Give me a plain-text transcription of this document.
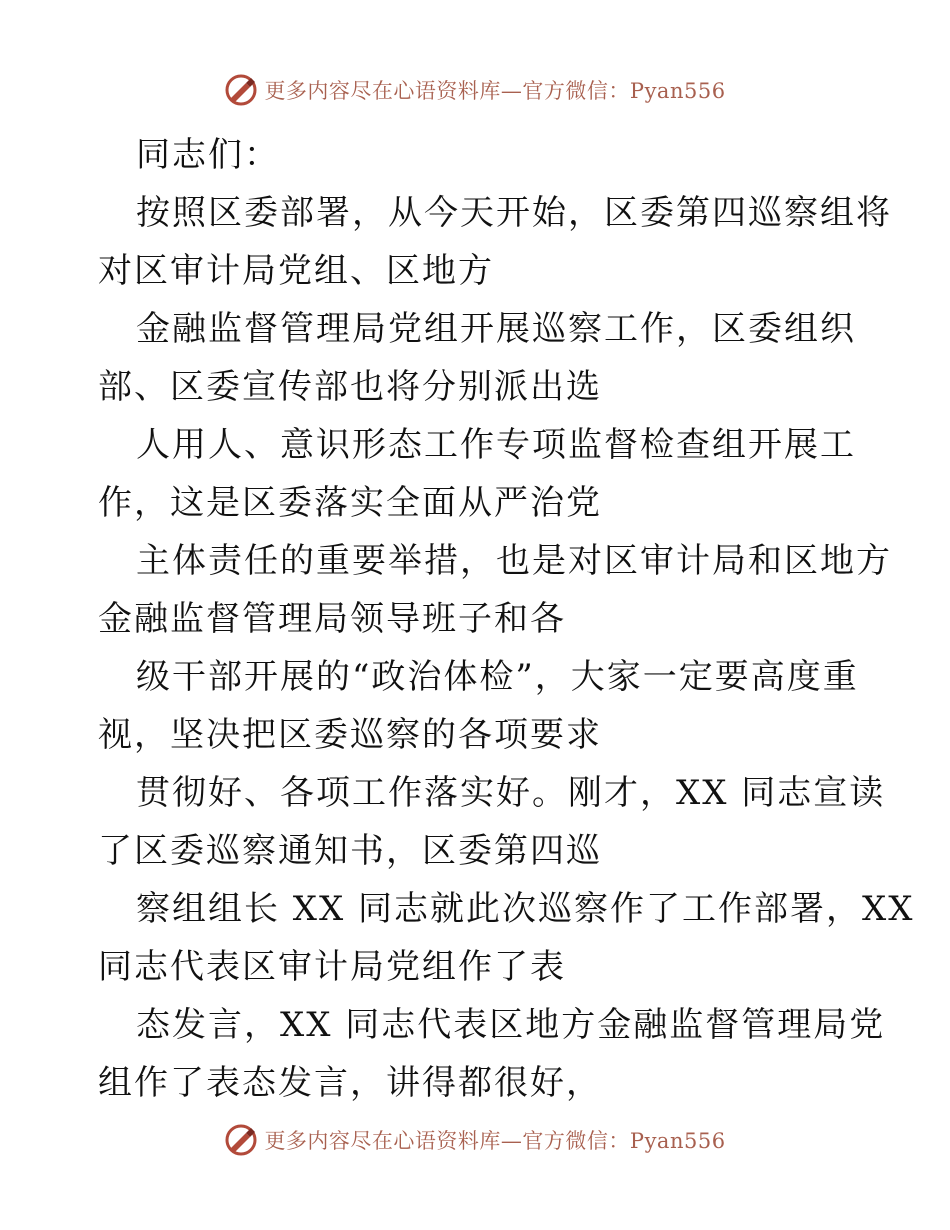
更多内容尽在心语资料库—官方微信：Pyan556
同志们：
按照区委部署，从今天开始，区委第四巡察组将
对区审计局党组、区地方
金融监督管理局党组开展巡察工作，区委组织
部、区委宣传部也将分别派出选
人用人、意识形态工作专项监督检查组开展工
作，这是区委落实全面从严治党
主体责任的重要举措，也是对区审计局和区地方
金融监督管理局领导班子和各
级干部开展的“政治体检”，大家一定要高度重
视，坚决把区委巡察的各项要求
贯彻好、各项工作落实好。刚才，XX 同志宣读
了区委巡察通知书，区委第四巡
察组组长 XX 同志就此次巡察作了工作部署，XX
同志代表区审计局党组作了表
态发言，XX 同志代表区地方金融监督管理局党
组作了表态发言，讲得都很好，
更多内容尽在心语资料库—官方微信：Pyan556
